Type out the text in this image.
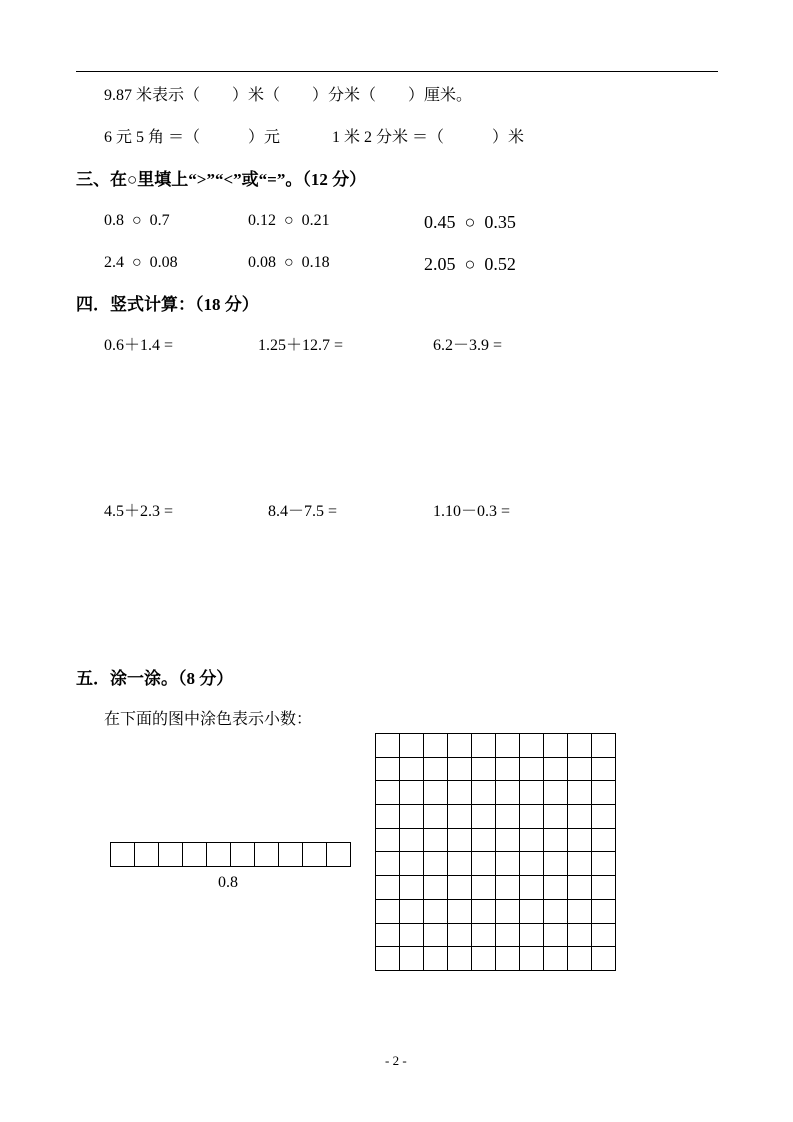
9.87 米表示（　　）米（　　）分米（　　）厘米。
6 元 5 角 ＝（　　　）元	1 米 2 分米 ＝（　　　）米
三、在○里填上“>”“<”或“=”。（12 分）
0.8  ○  0.7	0.12  ○  0.21	0.45  ○  0.35
2.4  ○  0.08	0.08  ○  0.18	2.05  ○  0.52
四．竖式计算：（18 分）
0.6＋1.4 =	1.25＋12.7 =	6.2－3.9 =
4.5＋2.3 =	8.4－7.5 =	1.10－0.3 =
五．涂一涂。（8 分）
在下面的图中涂色表示小数：

0.8

- 2 -
